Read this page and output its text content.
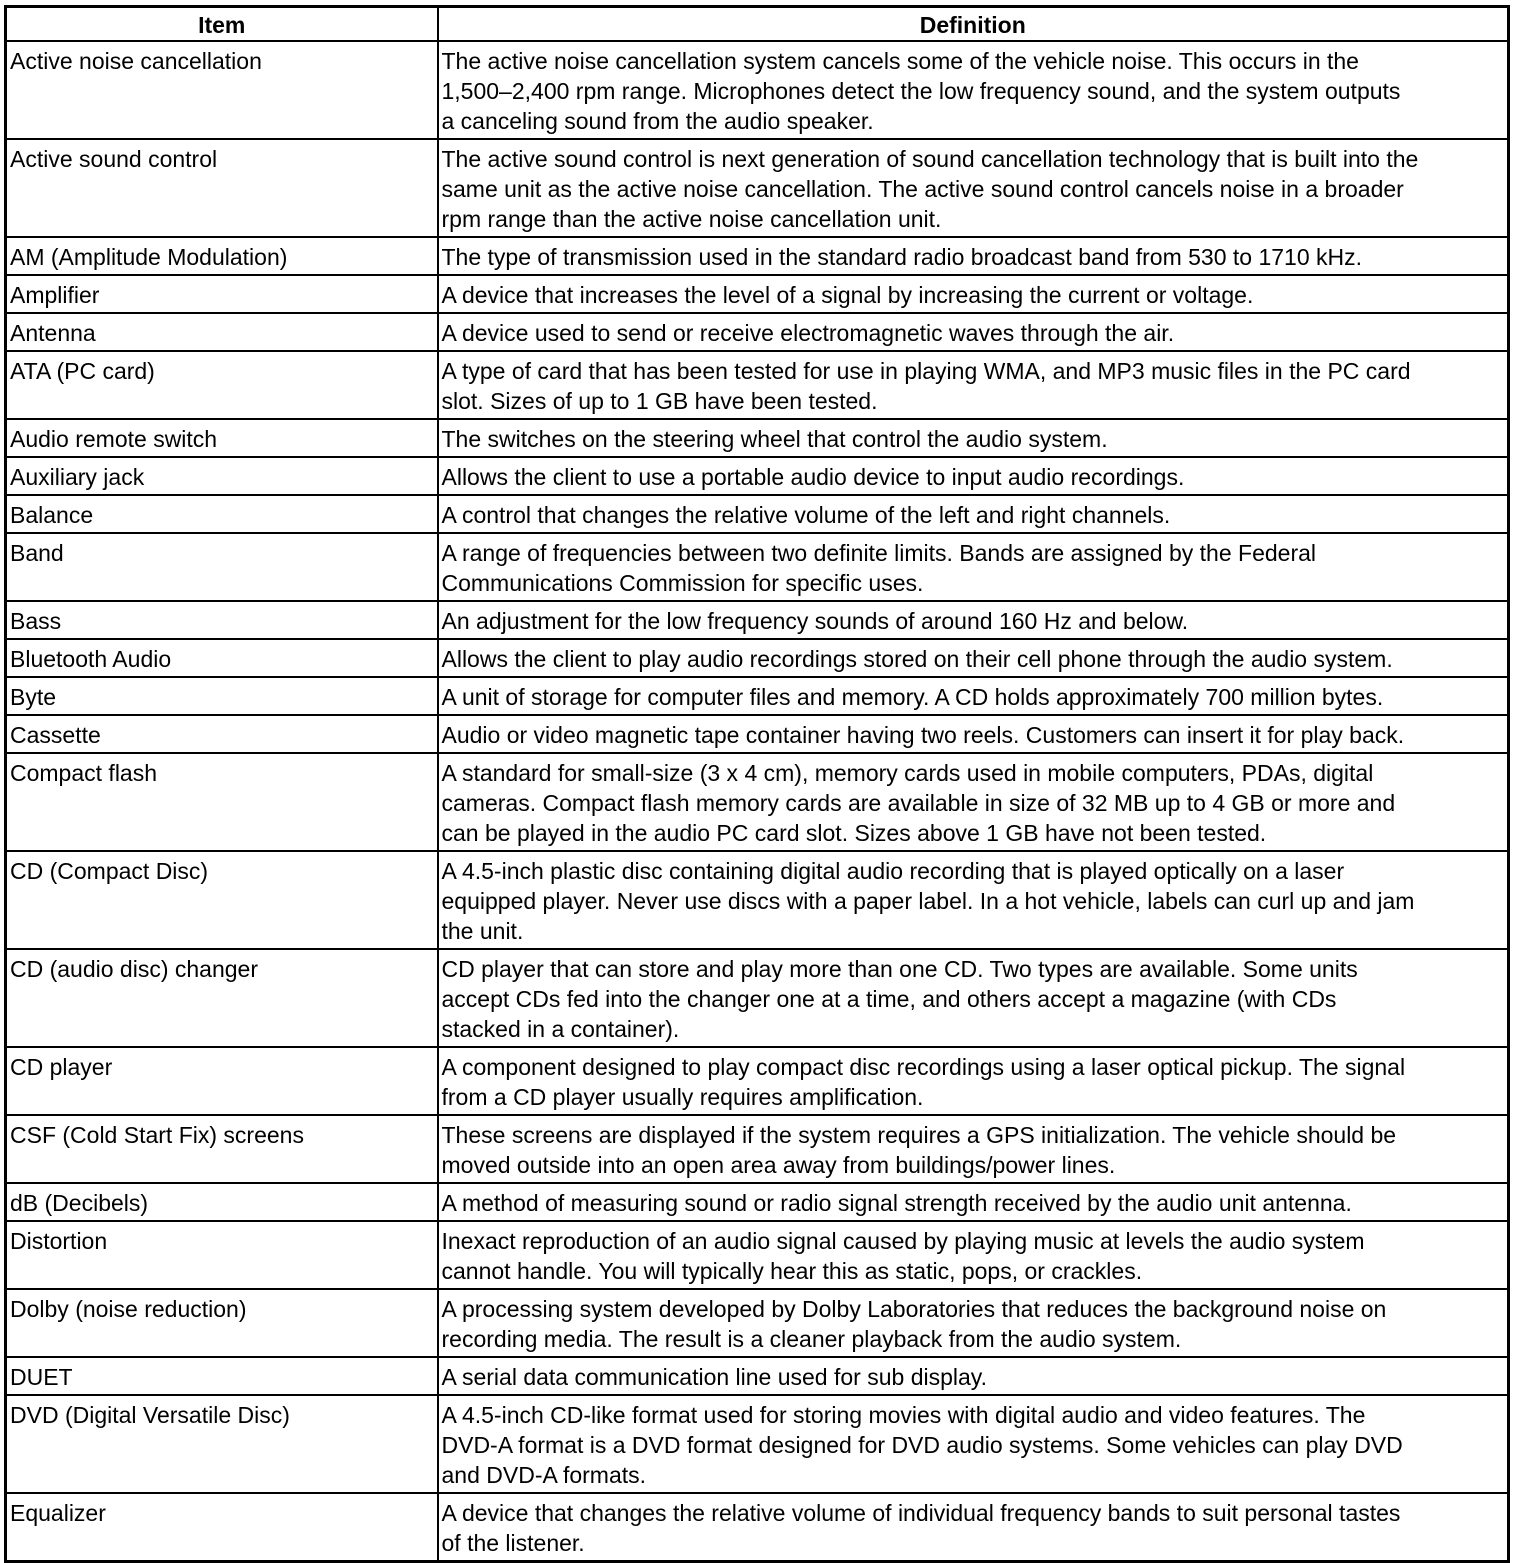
Item	Definition
Active noise cancellation	The active noise cancellation system cancels some of the vehicle noise. This occurs in the
1,500–2,400 rpm range. Microphones detect the low frequency sound, and the system outputs
a canceling sound from the audio speaker.
Active sound control	The active sound control is next generation of sound cancellation technology that is built into the
same unit as the active noise cancellation. The active sound control cancels noise in a broader
rpm range than the active noise cancellation unit.
AM (Amplitude Modulation)	The type of transmission used in the standard radio broadcast band from 530 to 1710 kHz.
Amplifier	A device that increases the level of a signal by increasing the current or voltage.
Antenna	A device used to send or receive electromagnetic waves through the air.
ATA (PC card)	A type of card that has been tested for use in playing WMA, and MP3 music files in the PC card
slot. Sizes of up to 1 GB have been tested.
Audio remote switch	The switches on the steering wheel that control the audio system.
Auxiliary jack	Allows the client to use a portable audio device to input audio recordings.
Balance	A control that changes the relative volume of the left and right channels.
Band	A range of frequencies between two definite limits. Bands are assigned by the Federal
Communications Commission for specific uses.
Bass	An adjustment for the low frequency sounds of around 160 Hz and below.
Bluetooth Audio	Allows the client to play audio recordings stored on their cell phone through the audio system.
Byte	A unit of storage for computer files and memory. A CD holds approximately 700 million bytes.
Cassette	Audio or video magnetic tape container having two reels. Customers can insert it for play back.
Compact flash	A standard for small-size (3 x 4 cm), memory cards used in mobile computers, PDAs, digital
cameras. Compact flash memory cards are available in size of 32 MB up to 4 GB or more and
can be played in the audio PC card slot. Sizes above 1 GB have not been tested.
CD (Compact Disc)	A 4.5-inch plastic disc containing digital audio recording that is played optically on a laser
equipped player. Never use discs with a paper label. In a hot vehicle, labels can curl up and jam
the unit.
CD (audio disc) changer	CD player that can store and play more than one CD. Two types are available. Some units
accept CDs fed into the changer one at a time, and others accept a magazine (with CDs
stacked in a container).
CD player	A component designed to play compact disc recordings using a laser optical pickup. The signal
from a CD player usually requires amplification.
CSF (Cold Start Fix) screens	These screens are displayed if the system requires a GPS initialization. The vehicle should be
moved outside into an open area away from buildings/power lines.
dB (Decibels)	A method of measuring sound or radio signal strength received by the audio unit antenna.
Distortion	Inexact reproduction of an audio signal caused by playing music at levels the audio system
cannot handle. You will typically hear this as static, pops, or crackles.
Dolby (noise reduction)	A processing system developed by Dolby Laboratories that reduces the background noise on
recording media. The result is a cleaner playback from the audio system.
DUET	A serial data communication line used for sub display.
DVD (Digital Versatile Disc)	A 4.5-inch CD-like format used for storing movies with digital audio and video features. The
DVD-A format is a DVD format designed for DVD audio systems. Some vehicles can play DVD
and DVD-A formats.
Equalizer	A device that changes the relative volume of individual frequency bands to suit personal tastes
of the listener.
